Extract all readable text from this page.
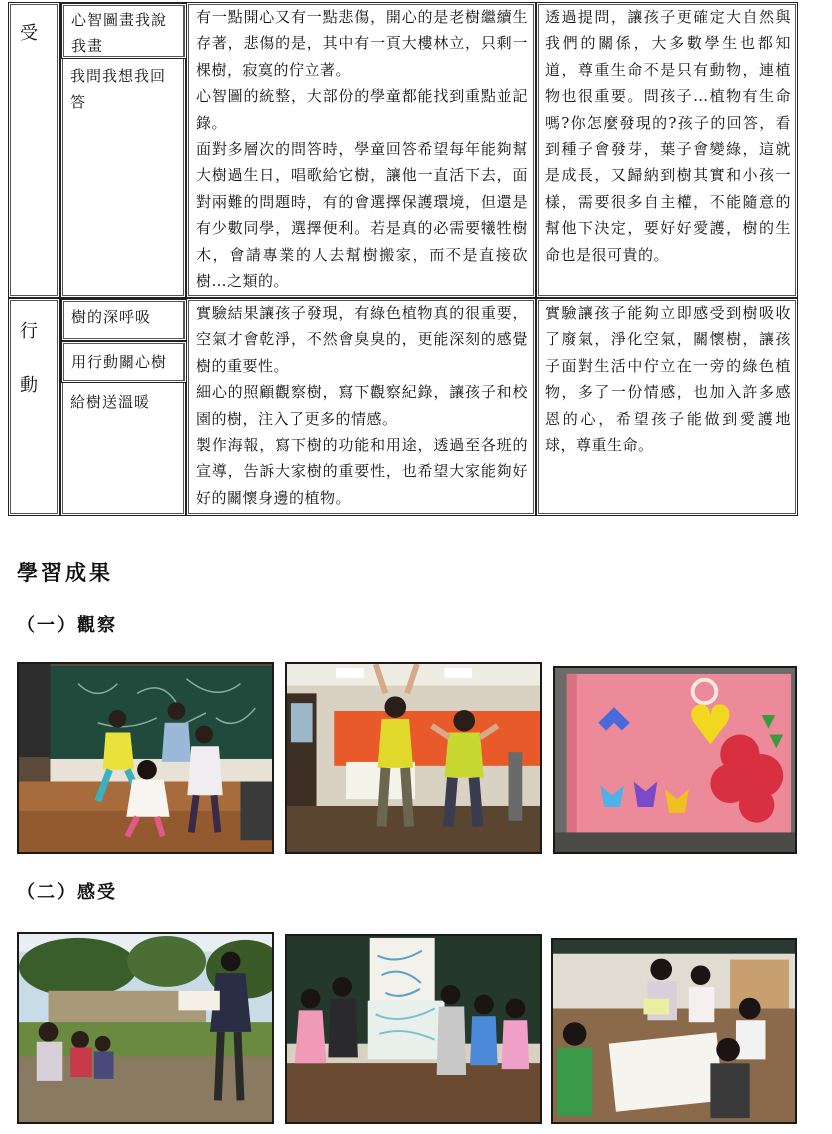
受
心智圖畫我說我畫
我問我想我回答

有一點開心又有一點悲傷，開心的是老樹繼續生存著，悲傷的是，其中有一頁大樓林立，只剩一棵樹，寂寞的佇立著。

心智圖的統整，大部份的學童都能找到重點並記錄。

面對多層次的問答時，學童回答希望每年能夠幫大樹過生日，唱歌給它樹，讓他一直活下去，面對兩難的問題時，有的會選擇保護環境，但還是有少數同學，選擇便利。若是真的必需要犧牲樹木，會請專業的人去幫樹搬家，而不是直接砍樹…之類的。

透過提問，讓孩子更確定大自然與我們的關係，大多數學生也都知道，尊重生命不是只有動物，連植物也很重要。問孩子…植物有生命嗎?你怎麼發現的?孩子的回答，看到種子會發芽，葉子會變綠，這就是成長，又歸納到樹其實和小孩一樣，需要很多自主權，不能隨意的幫他下決定，要好好愛護，樹的生命也是很可貴的。
行
動
樹的深呼吸
用行動關心樹
給樹送溫暖

實驗結果讓孩子發現，有綠色植物真的很重要，空氣才會乾淨，不然會臭臭的，更能深刻的感覺樹的重要性。

細心的照顧觀察樹，寫下觀察紀錄，讓孩子和校園的樹，注入了更多的情感。

製作海報，寫下樹的功能和用途，透過至各班的宣導，告訴大家樹的重要性，也希望大家能夠好好的關懷身邊的植物。

實驗讓孩子能夠立即感受到樹吸收了廢氣，淨化空氣，關懷樹，讓孩子面對生活中佇立在一旁的綠色植物，多了一份情感，也加入許多感恩的心，希望孩子能做到愛護地球，尊重生命。
學習成果
（一）觀察
（二）感受
